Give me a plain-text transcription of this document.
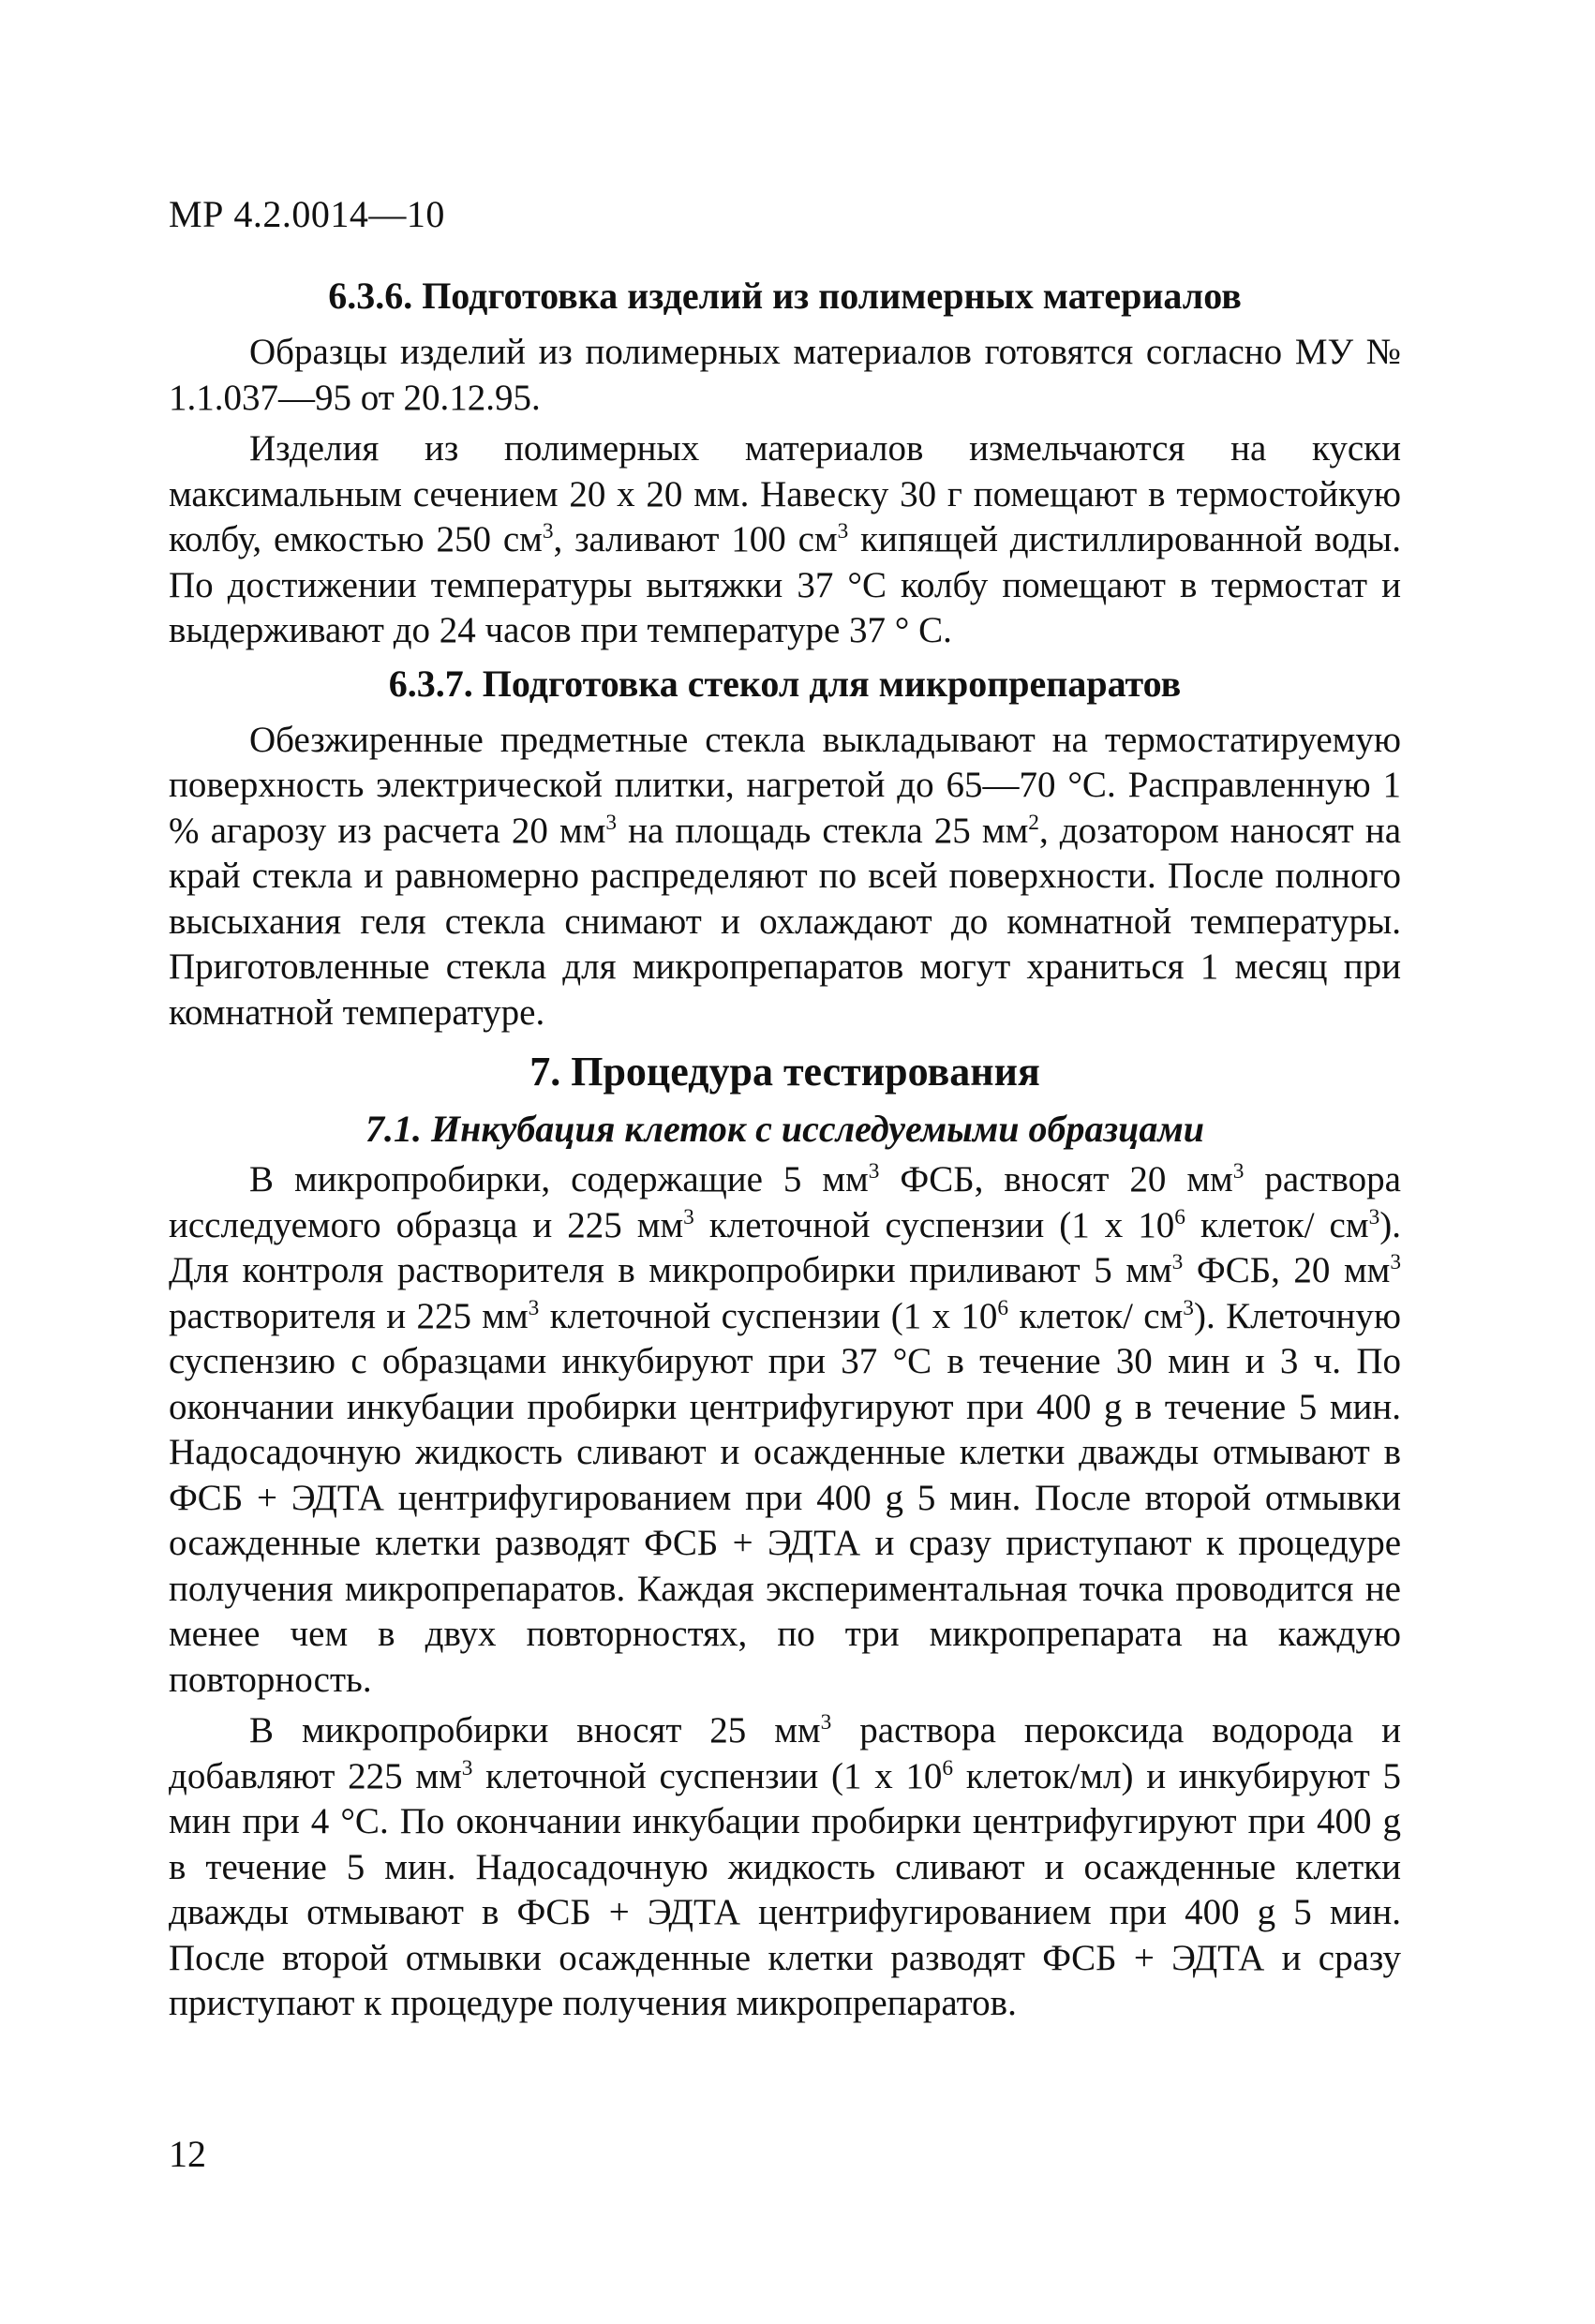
МР 4.2.0014—10
6.3.6. Подготовка изделий из полимерных материалов

Образцы изделий из полимерных материалов готовятся согласно МУ № 1.1.037—95 от 20.12.95.

Изделия из полимерных материалов измельчаются на куски максимальным сечением 20 х 20 мм. Навеску 30 г помещают в термостойкую колбу, емкостью 250 $см^3$, заливают 100 $см^3$ кипящей дистиллированной воды. По достижении температуры вытяжки 37 °С колбу помещают в термостат и выдерживают до 24 часов при температуре 37 ° С.

6.3.7. Подготовка стекол для микропрепаратов

Обезжиренные предметные стекла выкладывают на термостатируемую поверхность электрической плитки, нагретой до 65—70 °С. Расправленную 1 % агарозу из расчета 20 $мм^3$ на площадь стекла 25 $мм^2$, дозатором наносят на край стекла и равномерно распределяют по всей поверхности. После полного высыхания геля стекла снимают и охлаждают до комнатной температуры. Приготовленные стекла для микропрепаратов могут храниться 1 месяц при комнатной температуре.

7. Процедура тестирования
7.1. Инкубация клеток с исследуемыми образцами

В микропробирки, содержащие 5 $мм^3$ ФСБ, вносят 20 $мм^3$ раствора исследуемого образца и 225 $мм^3$ клеточной суспензии (1 х $10^6$ клеток/ $см^3$). Для контроля растворителя в микропробирки приливают 5 $мм^3$ ФСБ, 20 $мм^3$ растворителя и 225 $мм^3$ клеточной суспензии (1 х $10^6$ клеток/ $см^3$). Клеточную суспензию с образцами инкубируют при 37 °С в течение 30 мин и 3 ч. По окончании инкубации пробирки центрифугируют при 400 g в течение 5 мин. Надосадочную жидкость сливают и осажденные клетки дважды отмывают в ФСБ + ЭДТА центрифугированием при 400 g 5 мин. После второй отмывки осажденные клетки разводят ФСБ + ЭДТА и сразу приступают к процедуре получения микропрепаратов. Каждая экспериментальная точка проводится не менее чем в двух повторностях, по три микропрепарата на каждую повторность.

В микропробирки вносят 25 $мм^3$ раствора пероксида водорода и добавляют 225 $мм^3$ клеточной суспензии (1 х $10^6$ клеток/мл) и инкубируют 5 мин при 4 °С. По окончании инкубации пробирки центрифугируют при 400 g в течение 5 мин. Надосадочную жидкость сливают и осажденные клетки дважды отмывают в ФСБ + ЭДТА центрифугированием при 400 g 5 мин. После второй отмывки осажденные клетки разводят ФСБ + ЭДТА и сразу приступают к процедуре получения микропрепаратов.

12
